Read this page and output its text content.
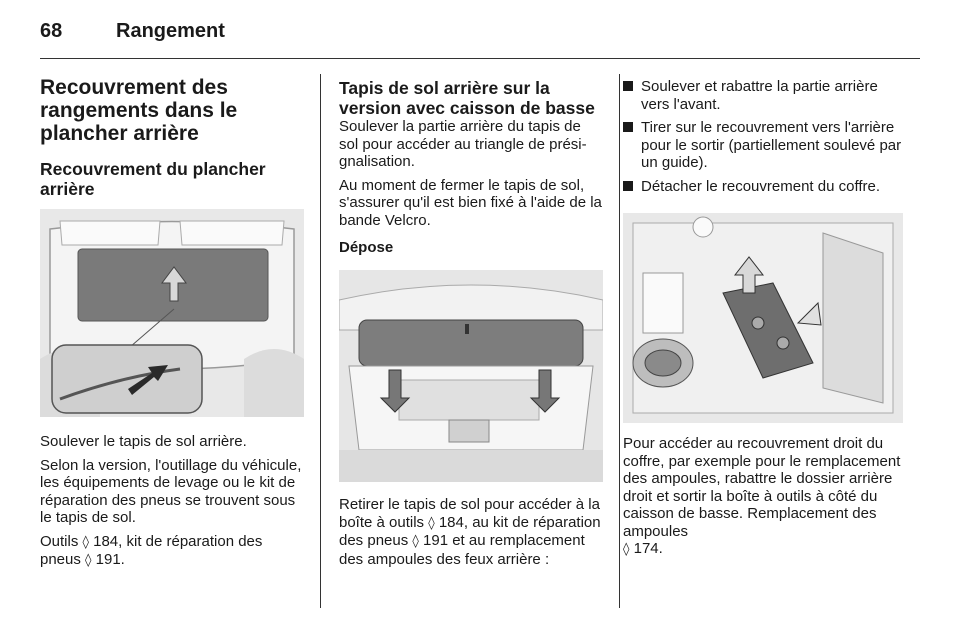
68	Rangement
Recouvrement des rangements dans le plancher arrière
Recouvrement du plancher arrière

Soulever le tapis de sol arrière.

Selon la version, l'outillage du véhicule, les équipements de levage ou le kit de réparation des pneus se trouvent sous le tapis de sol.

Outils ◊ 184, kit de réparation des pneus ◊ 191.

Tapis de sol arrière sur la version avec caisson de basse

Soulever la partie arrière du tapis de sol pour accéder au triangle de présignalisation.

Au moment de fermer le tapis de sol, s'assurer qu'il est bien fixé à l'aide de la bande Velcro.

Dépose

Retirer le tapis de sol pour accéder à la boîte à outils ◊ 184, au kit de réparation des pneus ◊ 191 et au remplacement des ampoules des feux arrière :

Soulever et rabattre la partie arrière vers l'avant.
Tirer sur le recouvrement vers l'arrière pour le sortir (partiellement soulevé par un guide).
Détacher le recouvrement du coffre.

Pour accéder au recouvrement droit du coffre, par exemple pour le remplacement des ampoules, rabattre le dossier arrière droit et sortir la boîte à outils à côté du caisson de basse. Remplacement des ampoules
◊ 174.
